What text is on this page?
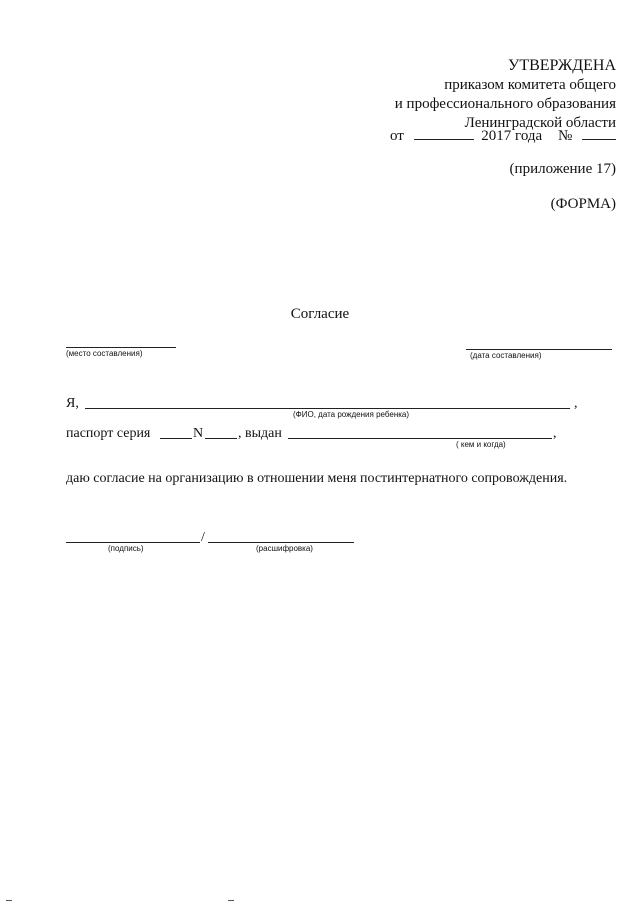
УТВЕРЖДЕНА
приказом комитета общего
и профессионального образования
Ленинградской области
от	2017 года №
(приложение 17)
(ФОРМА)
Согласие
(место составления)	(дата составления)
Я,	,
(ФИО, дата рождения ребенка)
паспорт серия	N , выдан	,
( кем и когда)
даю согласие на организацию в отношении меня постинтернатного сопровождения.
/
(подпись)	(расшифровка)
